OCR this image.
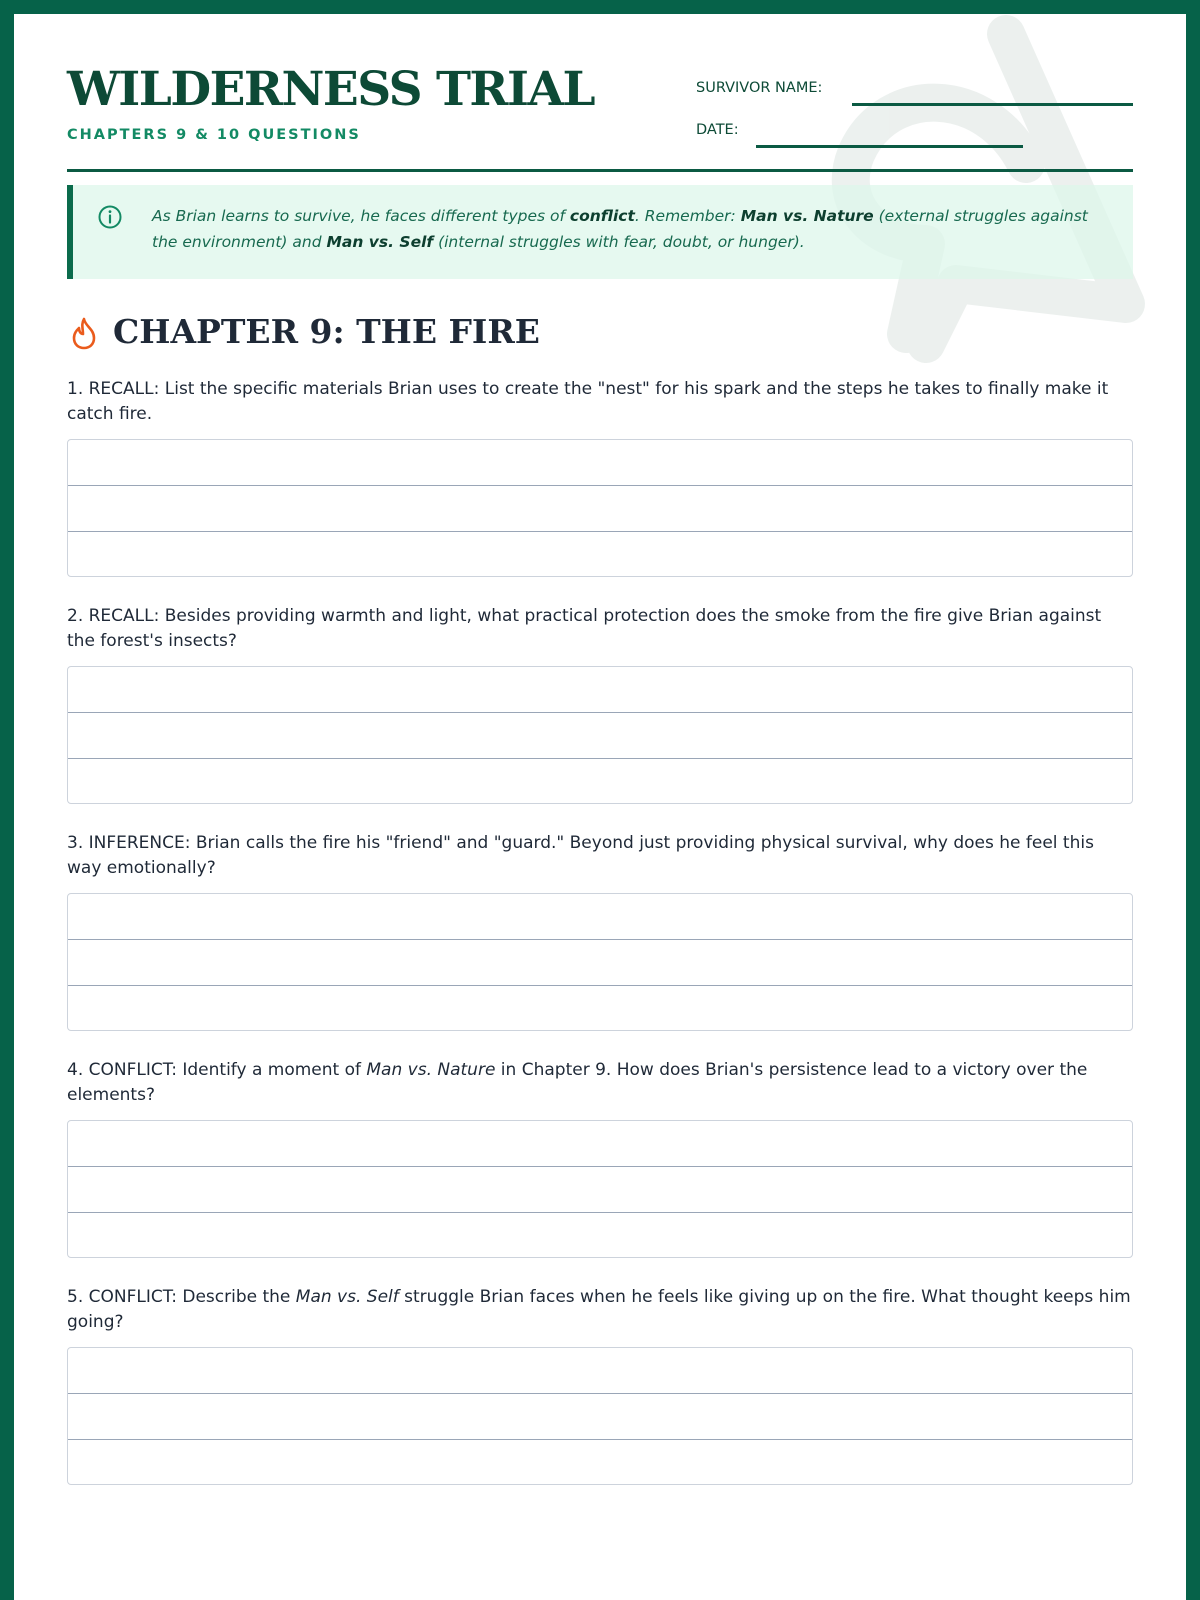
WILDERNESS TRIAL
CHAPTERS 9 & 10 QUESTIONS
SURVIVOR NAME:
DATE:
As Brian learns to survive, he faces different types of conflict. Remember: Man vs. Nature (external struggles against the environment) and Man vs. Self (internal struggles with fear, doubt, or hunger).
CHAPTER 9: THE FIRE
1. RECALL: List the specific materials Brian uses to create the "nest" for his spark and the steps he takes to finally make it catch fire.
2. RECALL: Besides providing warmth and light, what practical protection does the smoke from the fire give Brian against the forest's insects?
3. INFERENCE: Brian calls the fire his "friend" and "guard." Beyond just providing physical survival, why does he feel this way emotionally?
4. CONFLICT: Identify a moment of Man vs. Nature in Chapter 9. How does Brian's persistence lead to a victory over the elements?
5. CONFLICT: Describe the Man vs. Self struggle Brian faces when he feels like giving up on the fire. What thought keeps him going?
